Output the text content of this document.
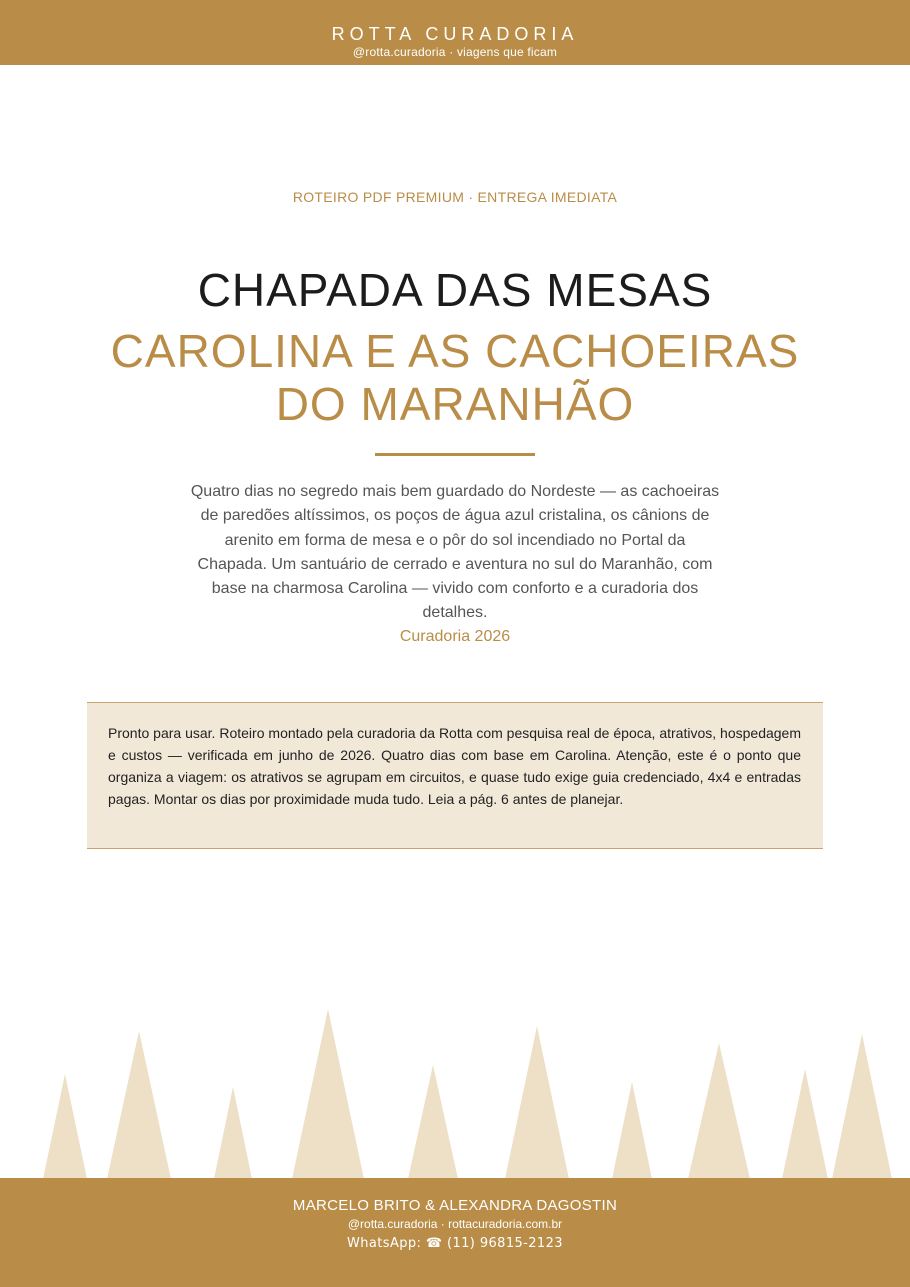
ROTTA CURADORIA
@rotta.curadoria · viagens que ficam
ROTEIRO PDF PREMIUM · ENTREGA IMEDIATA
CHAPADA DAS MESAS
CAROLINA E AS CACHOEIRAS DO MARANHÃO

Quatro dias no segredo mais bem guardado do Nordeste — as cachoeiras de paredões altíssimos, os poços de água azul cristalina, os cânions de arenito em forma de mesa e o pôr do sol incendiado no Portal da Chapada. Um santuário de cerrado e aventura no sul do Maranhão, com base na charmosa Carolina — vivido com conforto e a curadoria dos detalhes.

Curadoria 2026
Pronto para usar. Roteiro montado pela curadoria da Rotta com pesquisa real de época, atrativos, hospedagem e custos — verificada em junho de 2026. Quatro dias com base em Carolina. Atenção, este é o ponto que organiza a viagem: os atrativos se agrupam em circuitos, e quase tudo exige guia credenciado, 4x4 e entradas pagas. Montar os dias por proximidade muda tudo. Leia a pág. 6 antes de planejar.
MARCELO BRITO & ALEXANDRA DAGOSTIN
@rotta.curadoria · rottacuradoria.com.br
WhatsApp: ☎ (11) 96815-2123
